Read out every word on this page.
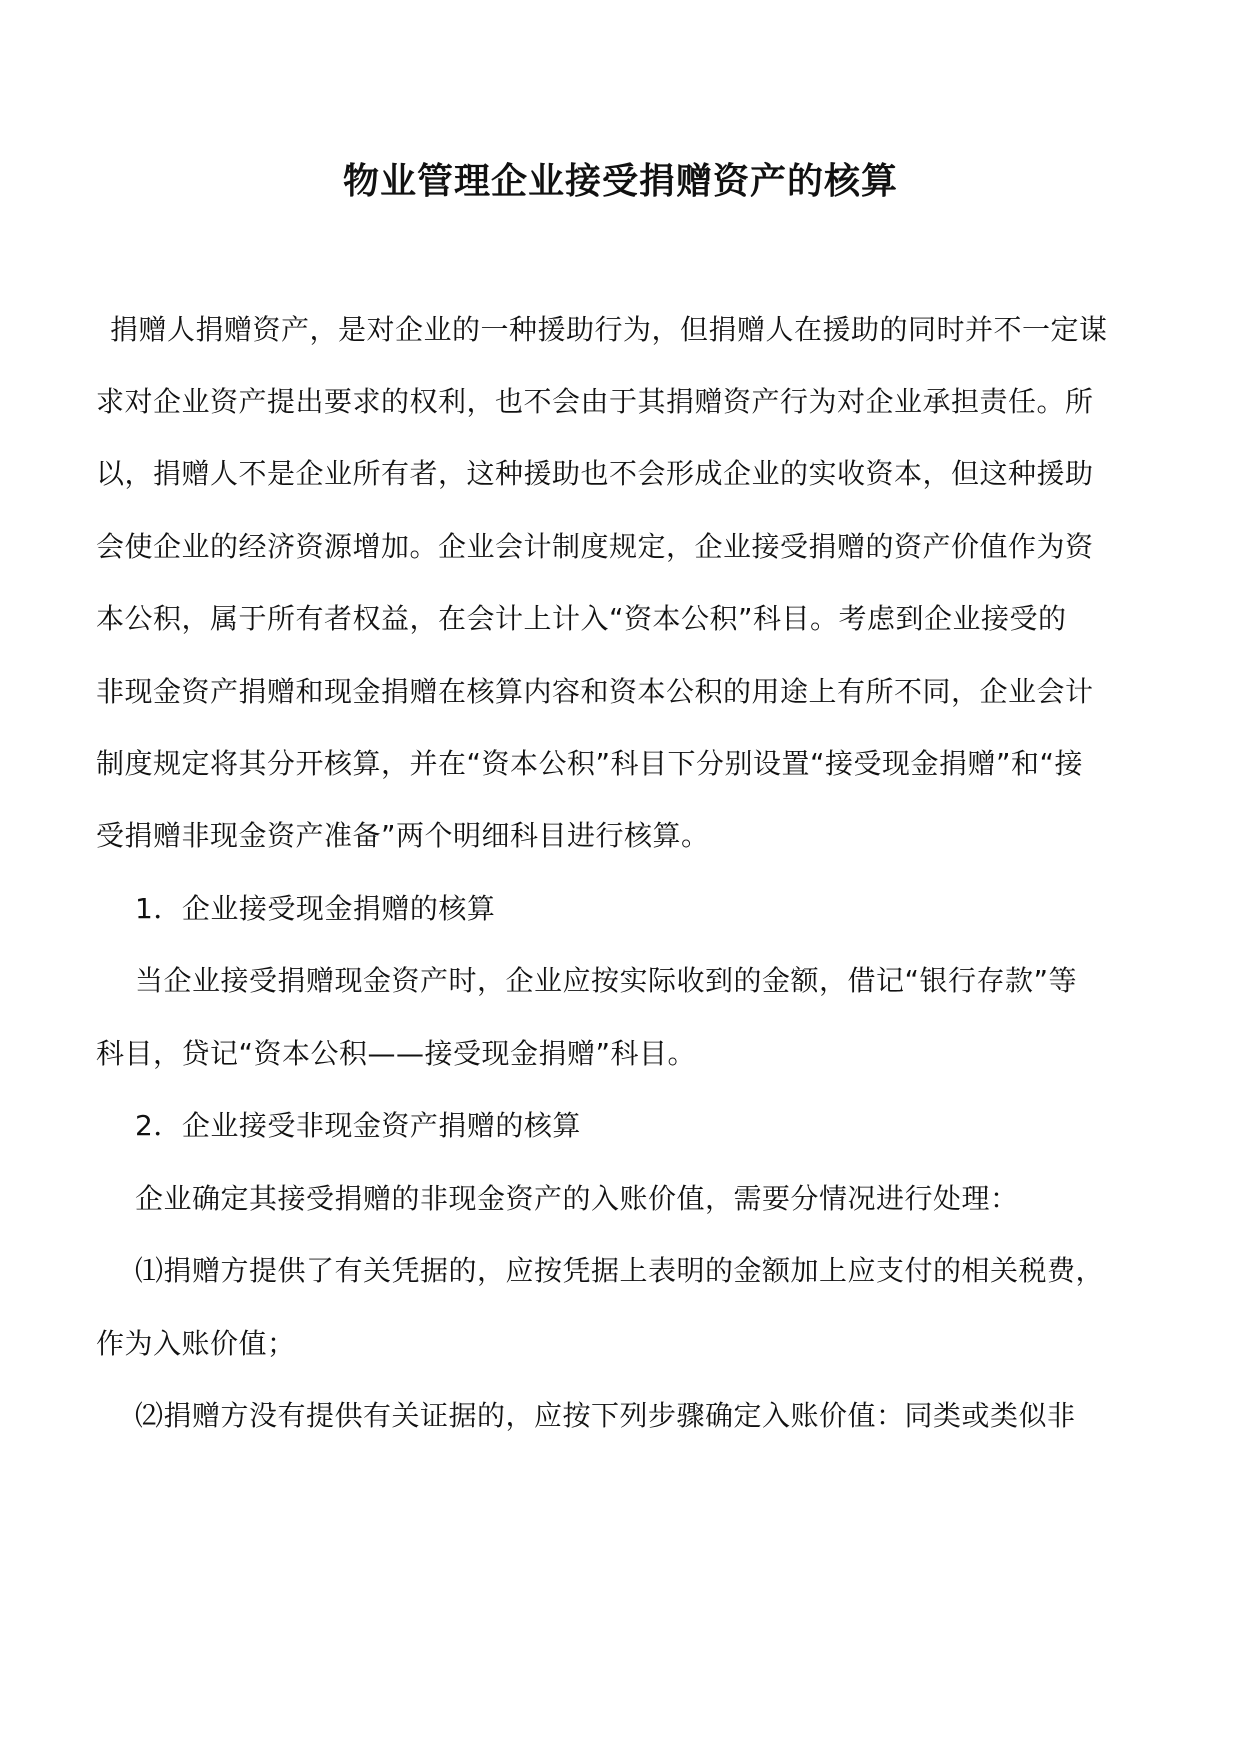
物业管理企业接受捐赠资产的核算
捐赠人捐赠资产，是对企业的一种援助行为，但捐赠人在援助的同时并不一定谋
求对企业资产提出要求的权利，也不会由于其捐赠资产行为对企业承担责任。所
以，捐赠人不是企业所有者，这种援助也不会形成企业的实收资本，但这种援助
会使企业的经济资源增加。企业会计制度规定，企业接受捐赠的资产价值作为资
本公积，属于所有者权益，在会计上计入“资本公积”科目。考虑到企业接受的
非现金资产捐赠和现金捐赠在核算内容和资本公积的用途上有所不同，企业会计
制度规定将其分开核算，并在“资本公积”科目下分别设置“接受现金捐赠”和“接
受捐赠非现金资产准备”两个明细科目进行核算。
1．企业接受现金捐赠的核算
当企业接受捐赠现金资产时，企业应按实际收到的金额，借记“银行存款”等
科目，贷记“资本公积——接受现金捐赠”科目。
2．企业接受非现金资产捐赠的核算
企业确定其接受捐赠的非现金资产的入账价值，需要分情况进行处理：
⑴捐赠方提供了有关凭据的，应按凭据上表明的金额加上应支付的相关税费，
作为入账价值；
⑵捐赠方没有提供有关证据的，应按下列步骤确定入账价值：同类或类似非
